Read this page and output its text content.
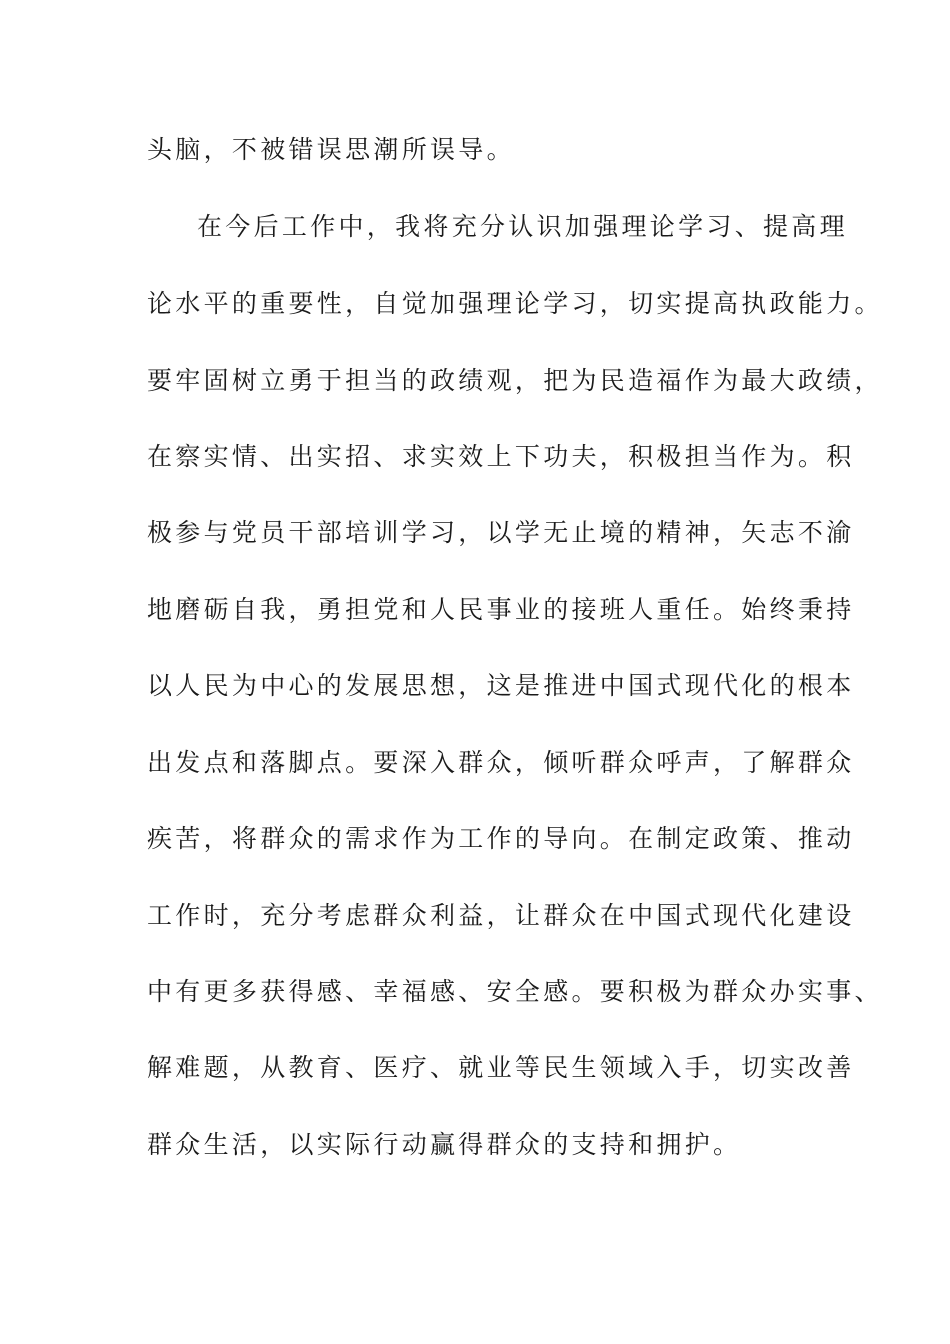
头脑，不被错误思潮所误导。
在今后工作中，我将充分认识加强理论学习、提高理
论水平的重要性，自觉加强理论学习，切实提高执政能力。
要牢固树立勇于担当的政绩观，把为民造福作为最大政绩，
在察实情、出实招、求实效上下功夫，积极担当作为。积
极参与党员干部培训学习，以学无止境的精神，矢志不渝
地磨砺自我，勇担党和人民事业的接班人重任。始终秉持
以人民为中心的发展思想，这是推进中国式现代化的根本
出发点和落脚点。要深入群众，倾听群众呼声，了解群众
疾苦，将群众的需求作为工作的导向。在制定政策、推动
工作时，充分考虑群众利益，让群众在中国式现代化建设
中有更多获得感、幸福感、安全感。要积极为群众办实事、
解难题，从教育、医疗、就业等民生领域入手，切实改善
群众生活，以实际行动赢得群众的支持和拥护。
